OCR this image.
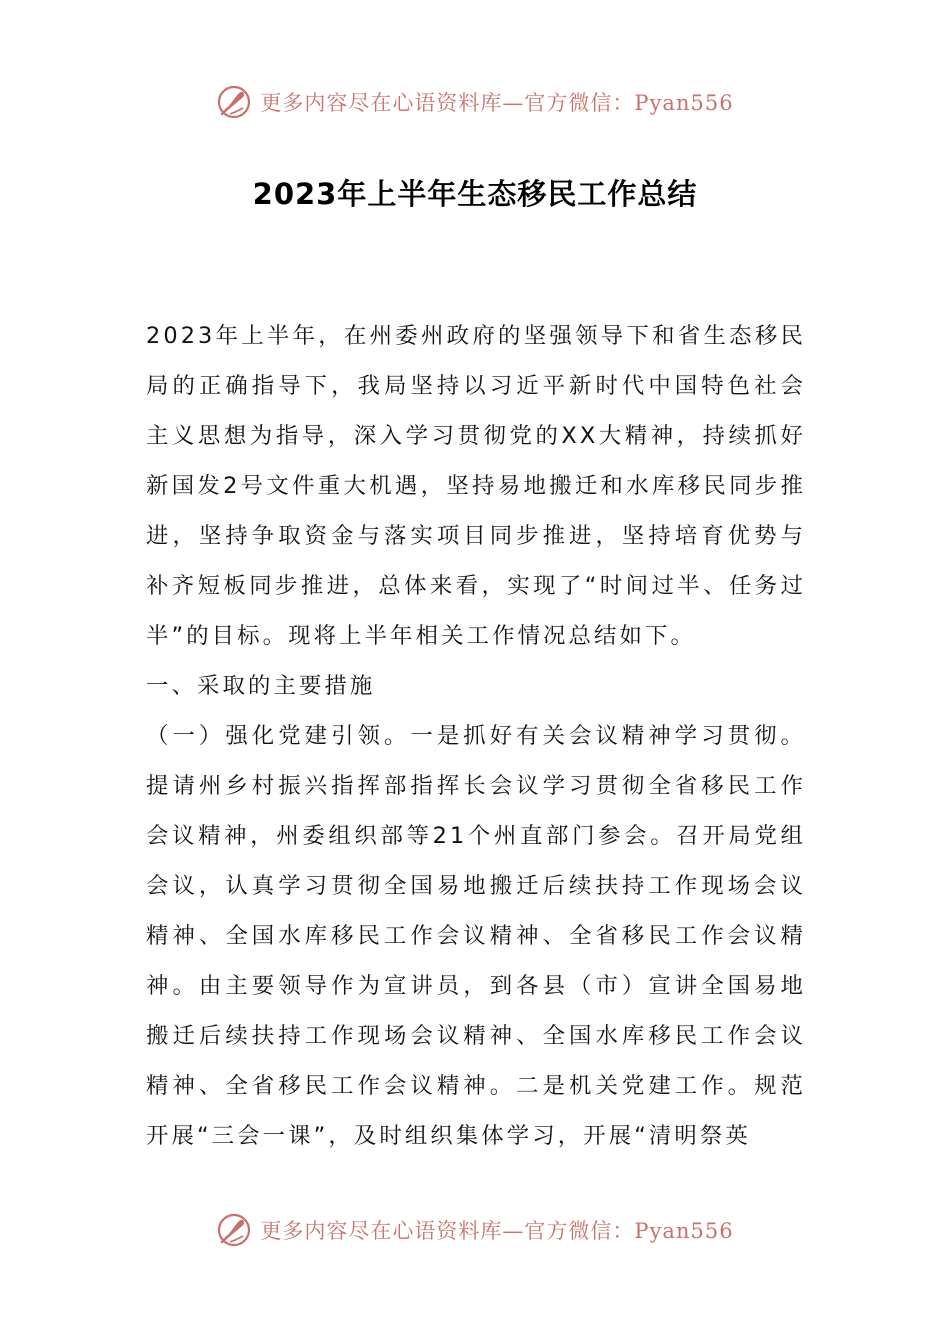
更多内容尽在心语资料库—官方微信：Pyan556
2023年上半年生态移民工作总结

2023年上半年，在州委州政府的坚强领导下和省生态移民局的正确指导下，我局坚持以习近平新时代中国特色社会主义思想为指导，深入学习贯彻党的XX大精神，持续抓好新国发2号文件重大机遇，坚持易地搬迁和水库移民同步推进，坚持争取资金与落实项目同步推进，坚持培育优势与补齐短板同步推进，总体来看，实现了“时间过半、任务过半”的目标。现将上半年相关工作情况总结如下。

一、采取的主要措施

（一）强化党建引领。一是抓好有关会议精神学习贯彻。提请州乡村振兴指挥部指挥长会议学习贯彻全省移民工作会议精神，州委组织部等21个州直部门参会。召开局党组会议，认真学习贯彻全国易地搬迁后续扶持工作现场会议精神、全国水库移民工作会议精神、全省移民工作会议精神。由主要领导作为宣讲员，到各县（市）宣讲全国易地搬迁后续扶持工作现场会议精神、全国水库移民工作会议精神、全省移民工作会议精神。二是机关党建工作。规范开展“三会一课”，及时组织集体学习，开展“清明祭英

更多内容尽在心语资料库—官方微信：Pyan556
